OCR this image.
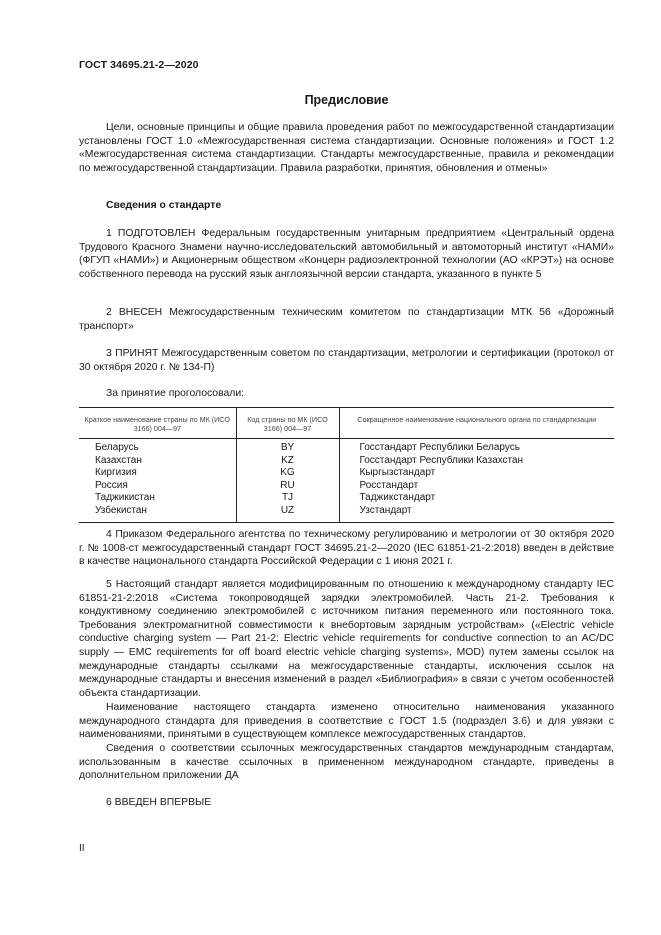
ГОСТ 34695.21-2—2020
Предисловие

Цели, основные принципы и общие правила проведения работ по межгосударственной стандартизации установлены ГОСТ 1.0 «Межгосударственная система стандартизации. Основные положения» и ГОСТ 1.2 «Межгосударственная система стандартизации. Стандарты межгосударственные, правила и рекомендации по межгосударственной стандартизации. Правила разработки, принятия, обновления и отмены»

Сведения о стандарте

1 ПОДГОТОВЛЕН Федеральным государственным унитарным предприятием «Центральный ордена Трудового Красного Знамени научно-исследовательский автомобильный и автомоторный институт «НАМИ» (ФГУП «НАМИ») и Акционерным обществом «Концерн радиоэлектронной технологии (АО «КРЭТ») на основе собственного перевода на русский язык англоязычной версии стандарта, указанного в пункте 5

2 ВНЕСЕН Межгосударственным техническим комитетом по стандартизации МТК 56 «Дорожный транспорт»

3 ПРИНЯТ Межгосударственным советом по стандартизации, метрологии и сертификации (протокол от 30 октября 2020 г. № 134-П)

За принятие проголосовали:

Краткое наименование страны по МК (ИСО 3166) 004—97	Код страны по МК (ИСО 3166) 004—97	Сокращенное наименование национального органа по стандартизации
Беларусь	BY	Госстандарт Республики Беларусь
Казахстан	KZ	Госстандарт Республики Казахстан
Киргизия	KG	Кыргызстандарт
Россия	RU	Росстандарт
Таджикистан	TJ	Таджикстандарт
Узбекистан	UZ	Узстандарт

4 Приказом Федерального агентства по техническому регулированию и метрологии от 30 октября 2020 г. № 1008-ст межгосударственный стандарт ГОСТ 34695.21-2—2020 (IEC 61851-21-2:2018) введен в действие в качестве национального стандарта Российской Федерации с 1 июня 2021 г.

5 Настоящий стандарт является модифицированным по отношению к международному стандарту IEC 61851-21-2:2018 «Система токопроводящей зарядки электромобилей. Часть 21-2. Требования к кондуктивному соединению электромобилей с источником питания переменного или постоянного тока. Требования электромагнитной совместимости к внебортовым зарядным устройствам» («Electric vehicle conductive charging system — Part 21-2: Electric vehicle requirements for conductive connection to an AC/DC supply — EMC requirements for off board electric vehicle charging systems», MOD) путем замены ссылок на международные стандарты ссылками на межгосударственные стандарты, исключения ссылок на международные стандарты и внесения изменений в раздел «Библиография» в связи с учетом особенностей объекта стандартизации.

Наименование настоящего стандарта изменено относительно наименования указанного международного стандарта для приведения в соответствие с ГОСТ 1.5 (подраздел 3.6) и для увязки с наименованиями, принятыми в существующем комплексе межгосударственных стандартов.

Сведения о соответствии ссылочных межгосударственных стандартов международным стандартам, использованным в качестве ссылочных в примененном международном стандарте, приведены в дополнительном приложении ДА

6 ВВЕДЕН ВПЕРВЫЕ

II
